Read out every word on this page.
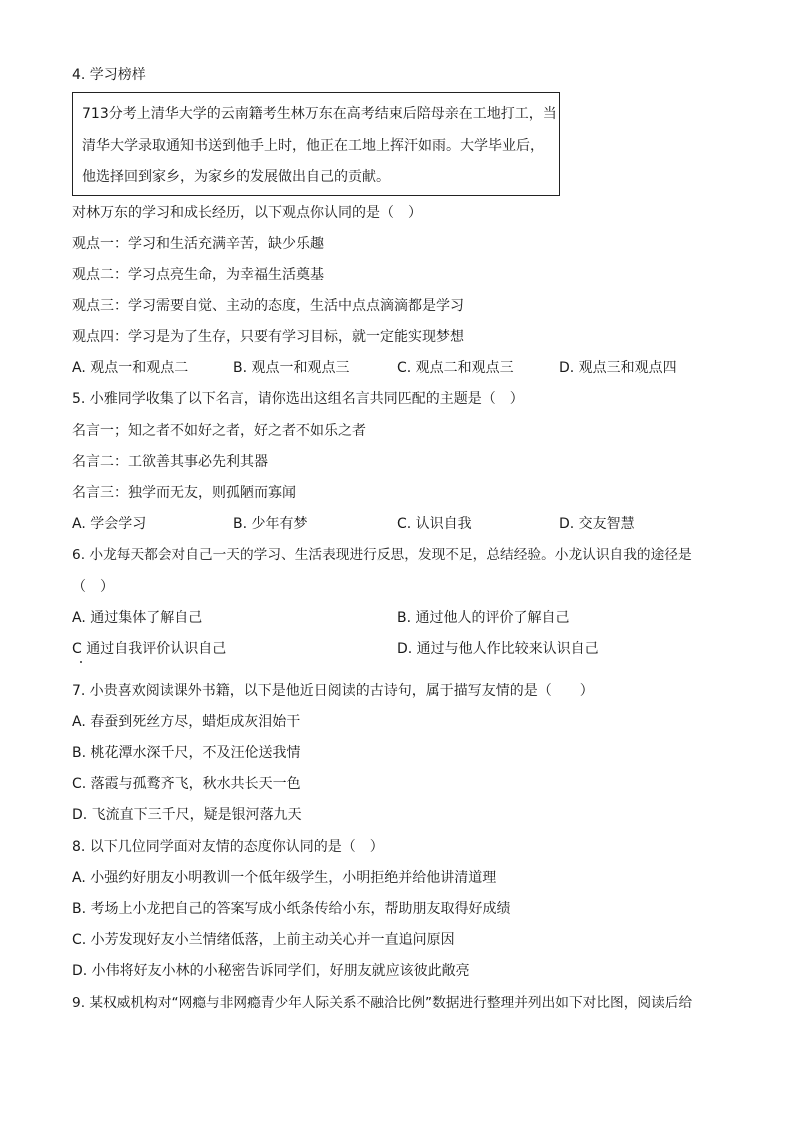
4. 学习榜样
713分考上清华大学的云南籍考生林万东在高考结束后陪母亲在工地打工，当
清华大学录取通知书送到他手上时，他正在工地上挥汗如雨。大学毕业后，
他选择回到家乡，为家乡的发展做出自己的贡献。
对林万东的学习和成长经历，以下观点你认同的是（　）
观点一：学习和生活充满辛苦，缺少乐趣
观点二：学习点亮生命，为幸福生活奠基
观点三：学习需要自觉、主动的态度，生活中点点滴滴都是学习
观点四：学习是为了生存，只要有学习目标，就一定能实现梦想
A. 观点一和观点二	B. 观点一和观点三	C. 观点二和观点三	D. 观点三和观点四
5. 小雅同学收集了以下名言，请你选出这组名言共同匹配的主题是（　）
名言一；知之者不如好之者，好之者不如乐之者
名言二：工欲善其事必先利其器
名言三：独学而无友，则孤陋而寡闻
A. 学会学习	B. 少年有梦	C. 认识自我	D. 交友智慧
6. 小龙每天都会对自己一天的学习、生活表现进行反思，发现不足，总结经验。小龙认识自我的途径是
（　）
A. 通过集体了解自己	B. 通过他人的评价了解自己
C 通过自我评价认识自己	D. 通过与他人作比较来认识自己
7. 小贵喜欢阅读课外书籍，以下是他近日阅读的古诗句，属于描写友情的是（　　）
A. 春蚕到死丝方尽，蜡炬成灰泪始干
B. 桃花潭水深千尺，不及汪伦送我情
C. 落霞与孤鹜齐飞，秋水共长天一色
D. 飞流直下三千尺，疑是银河落九天
8. 以下几位同学面对友情的态度你认同的是（　）
A. 小强约好朋友小明教训一个低年级学生，小明拒绝并给他讲清道理
B. 考场上小龙把自己的答案写成小纸条传给小东，帮助朋友取得好成绩
C. 小芳发现好友小兰情绪低落，上前主动关心并一直追问原因
D. 小伟将好友小林的小秘密告诉同学们，好朋友就应该彼此敞亮
9. 某权威机构对“网瘾与非网瘾青少年人际关系不融洽比例”数据进行整理并列出如下对比图，阅读后给
